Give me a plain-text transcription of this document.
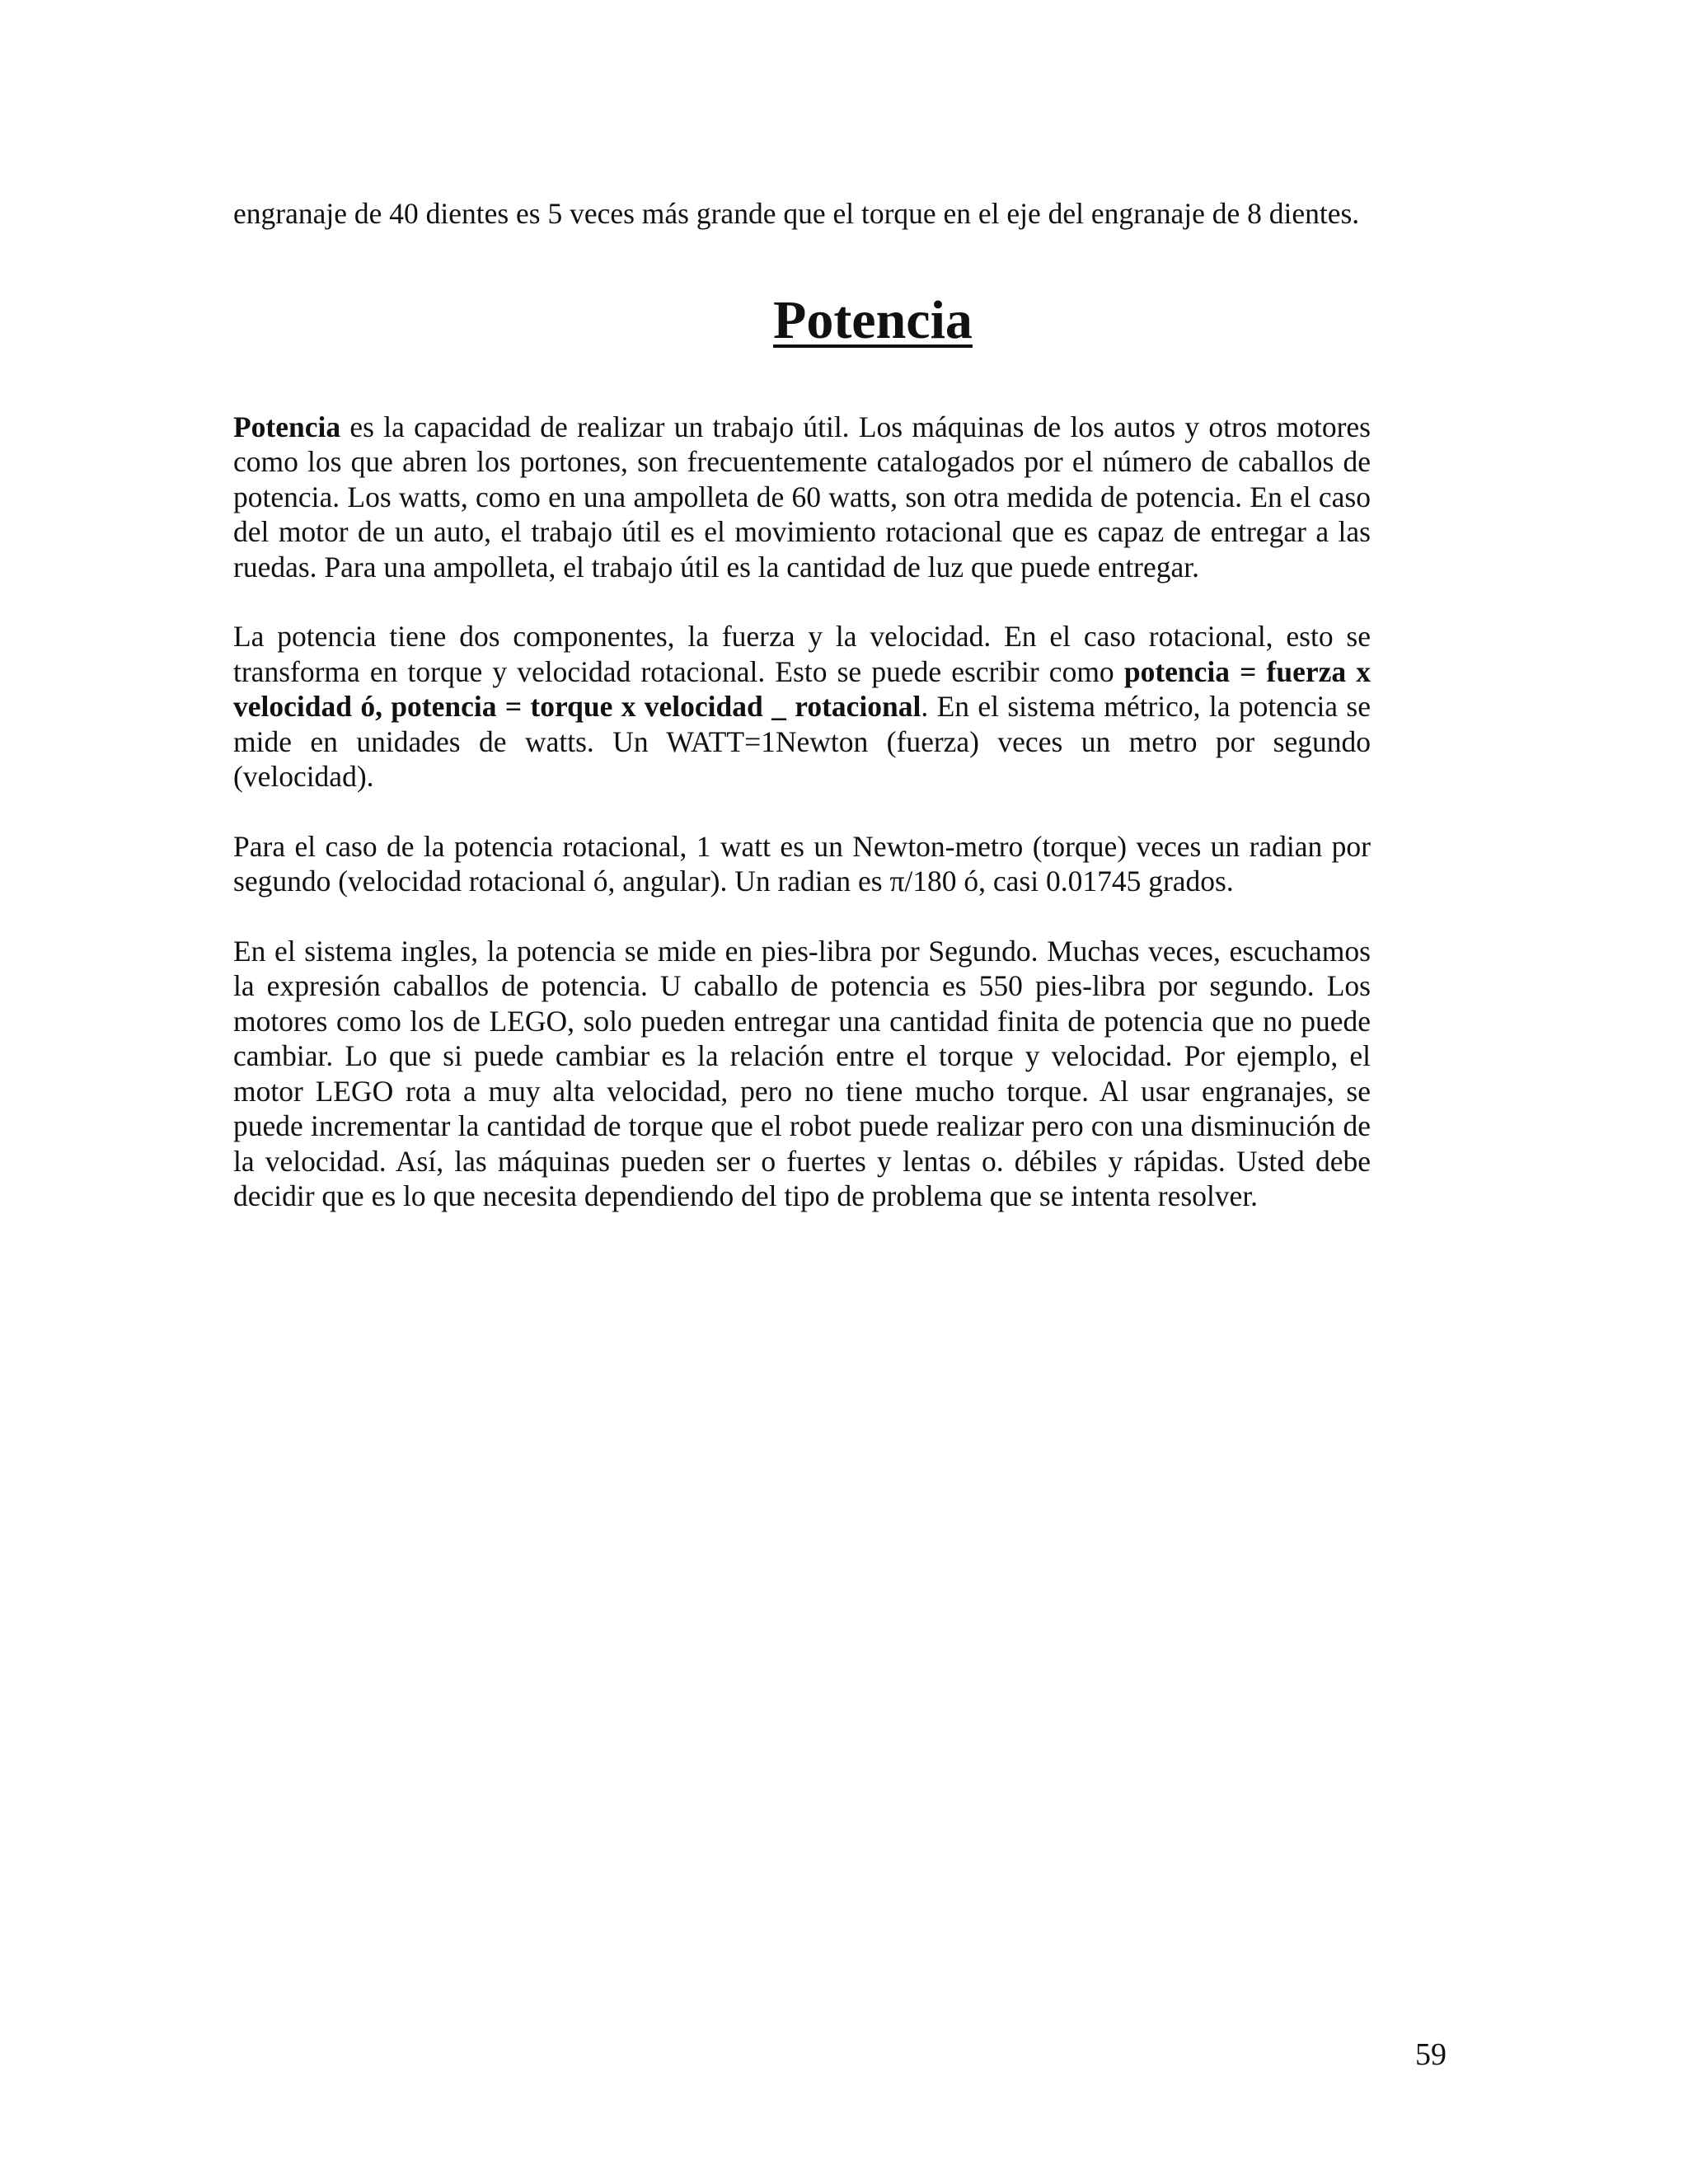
engranaje de 40 dientes es 5 veces más grande que el torque en el eje del engranaje de 8 dientes.

Potencia

Potencia es la capacidad de realizar un trabajo útil. Los máquinas de los autos y otros motores como los que abren los portones, son frecuentemente catalogados por el número de caballos de potencia. Los watts, como en una ampolleta de 60 watts, son otra medida de potencia. En el caso del motor de un auto, el trabajo útil es el movimiento rotacional que es capaz de entregar a las ruedas. Para una ampolleta, el trabajo útil es la cantidad de luz que puede entregar.

La potencia tiene dos componentes, la fuerza y la velocidad. En el caso rotacional, esto se transforma en torque y velocidad rotacional. Esto se puede escribir como potencia = fuerza x velocidad ó, potencia = torque x velocidad _ rotacional. En el sistema métrico, la potencia se mide en unidades de watts. Un WATT=1Newton (fuerza) veces un metro por segundo (velocidad).

Para el caso de la potencia rotacional, 1 watt es un Newton-metro (torque) veces un radian por segundo (velocidad rotacional ó, angular). Un radian es π/180 ó, casi 0.01745 grados.

En el sistema ingles, la potencia se mide en pies-libra por Segundo. Muchas veces, escuchamos la expresión caballos de potencia. U caballo de potencia es 550 pies-libra por segundo. Los motores como los de LEGO, solo pueden entregar una cantidad finita de potencia que no puede cambiar. Lo que si puede cambiar es la relación entre el torque y velocidad. Por ejemplo, el motor LEGO rota a muy alta velocidad, pero no tiene mucho torque. Al usar engranajes, se puede incrementar la cantidad de torque que el robot puede realizar pero con una disminución de la velocidad. Así, las máquinas pueden ser o fuertes y lentas o. débiles y rápidas. Usted debe decidir que es lo que necesita dependiendo del tipo de problema que se intenta resolver.

59
